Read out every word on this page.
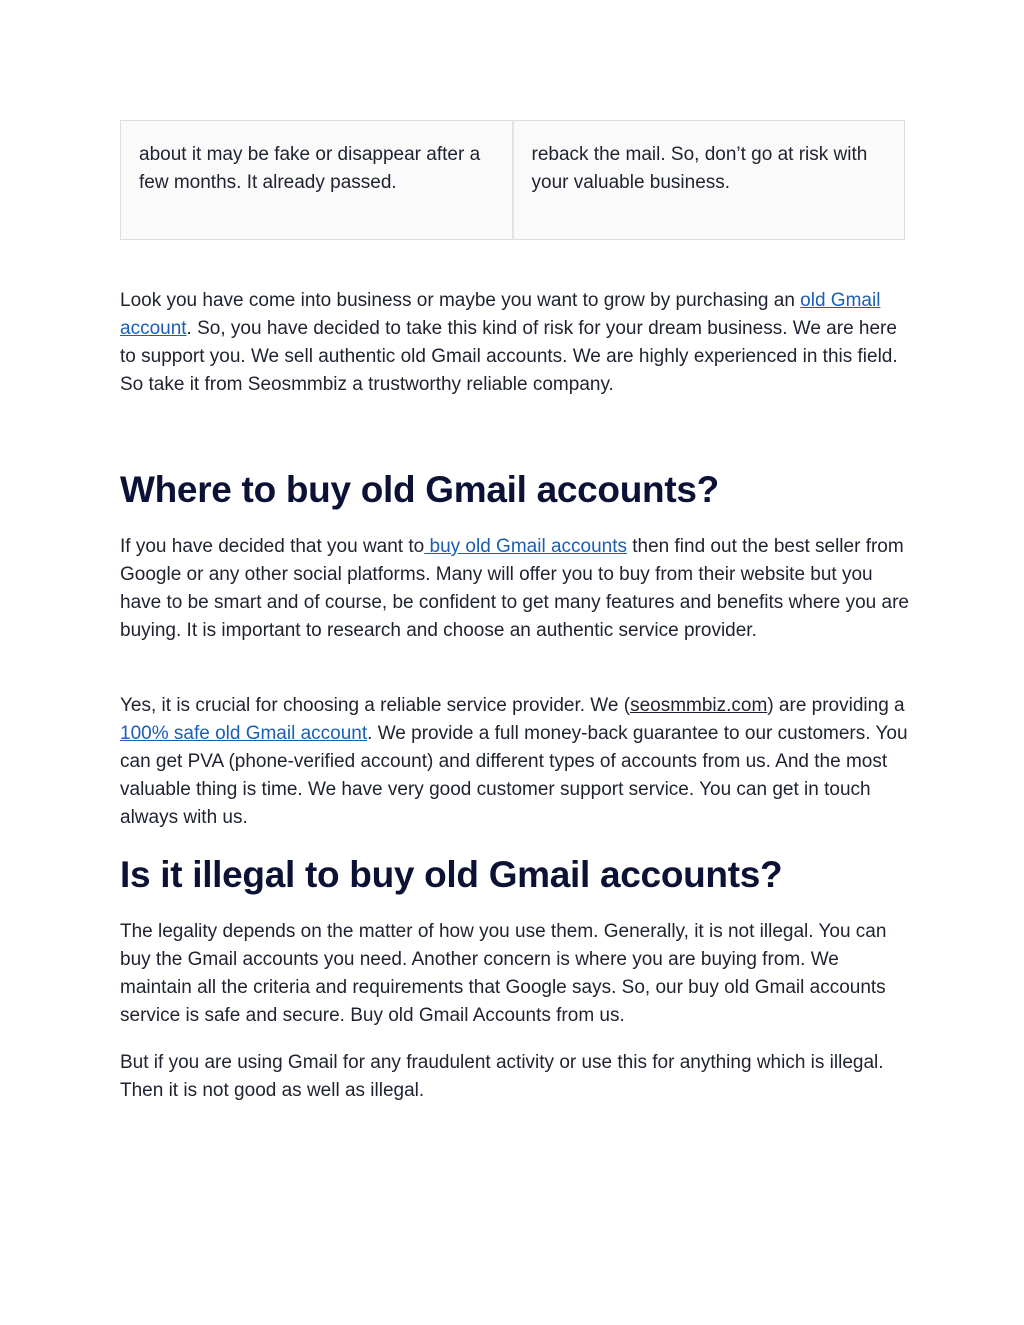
about it may be fake or disappear after a few months. It already passed.
reback the mail. So, don’t go at risk with your valuable business.

Look you have come into business or maybe you want to grow by purchasing an old Gmail account. So, you have decided to take this kind of risk for your dream business. We are here to support you. We sell authentic old Gmail accounts. We are highly experienced in this field. So take it from Seosmmbiz a trustworthy reliable company.

Where to buy old Gmail accounts?

If you have decided that you want to buy old Gmail accounts then find out the best seller from Google or any other social platforms. Many will offer you to buy from their website but you have to be smart and of course, be confident to get many features and benefits where you are buying. It is important to research and choose an authentic service provider.

Yes, it is crucial for choosing a reliable service provider. We (seosmmbiz.com) are providing a 100% safe old Gmail account. We provide a full money-back guarantee to our customers. You can get PVA (phone-verified account) and different types of accounts from us. And the most valuable thing is time. We have very good customer support service. You can get in touch always with us.

Is it illegal to buy old Gmail accounts?

The legality depends on the matter of how you use them. Generally, it is not illegal. You can buy the Gmail accounts you need. Another concern is where you are buying from. We maintain all the criteria and requirements that Google says. So, our buy old Gmail accounts service is safe and secure. Buy old Gmail Accounts from us.

But if you are using Gmail for any fraudulent activity or use this for anything which is illegal. Then it is not good as well as illegal.
